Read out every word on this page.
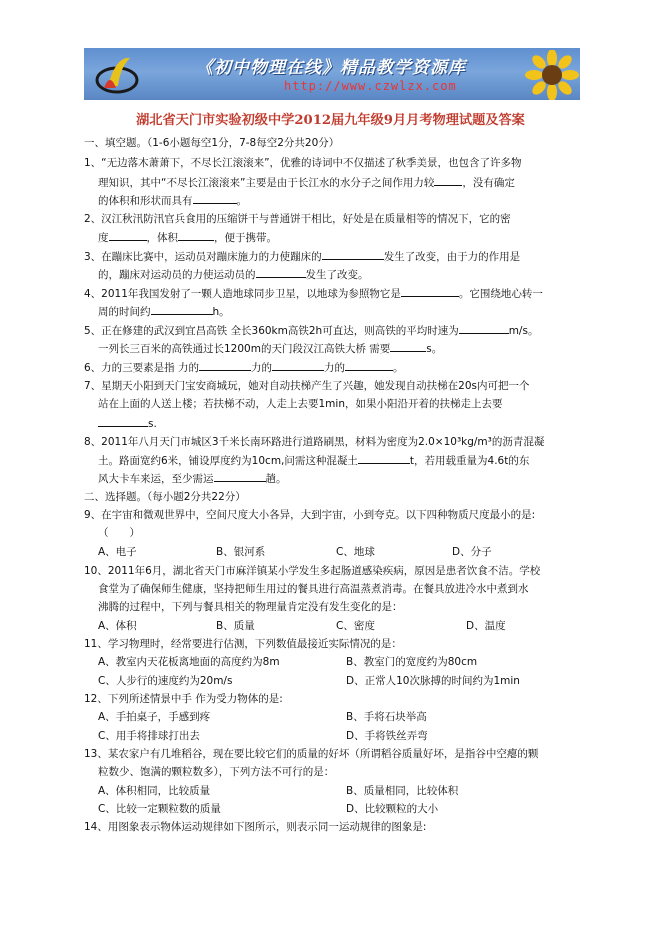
《初中物理在线》精品教学资源库
http://www.czwlzx.com
湖北省天门市实验初级中学2012届九年级9月月考物理试题及答案
一、填空题。（1-6小题每空1分，7-8每空2分共20分）
1、“无边落木萧萧下，不尽长江滚滚来”，优雅的诗词中不仅描述了秋季美景，也包含了许多物
理知识，其中“不尽长江滚滚来”主要是由于长江水的水分子之间作用力较	，没有确定
的体积和形状而具有	。
2、汉江秋汛防汛官兵食用的压缩饼干与普通饼干相比，好处是在质量相等的情况下，它的密
度	，体积	，便于携带。
3、在蹦床比赛中，运动员对蹦床施力的力使蹦床的	发生了改变，由于力的作用是
的，蹦床对运动员的力使运动员的	发生了改变。
4、2011年我国发射了一颗人造地球同步卫星，以地球为参照物它是	。它围绕地心转一
周的时间约	h。
5、正在修建的武汉到宜昌高铁 全长360km高铁2h可直达，则高铁的平均时速为	m/s。
一列长三百米的高铁通过长1200m的天门段汉江高铁大桥 需要	s。
6、力的三要素是指 力的	力的	力的	。
7、星期天小阳到天门宝安商城玩，她对自动扶梯产生了兴趣，她发现自动扶梯在20s内可把一个
站在上面的人送上楼；若扶梯不动，人走上去要1min，如果小阳沿开着的扶梯走上去要
s.
8、2011年八月天门市城区3千米长南环路进行道路刷黑，材料为密度为2.0×10³kg/m³的沥青混凝
土。路面宽约6米，铺设厚度约为10cm,问需这种混凝土	t，若用载重量为4.6t的东
风大卡车来运，至少需运	趟。
二、选择题。（每小题2分共22分）
9、在宇宙和微观世界中，空间尺度大小各异，大到宇宙，小到夸克。以下四种物质尺度最小的是:
（　　）
A、电子	B、银河系	C、地球	D、分子
10、2011年6月，湖北省天门市麻洋镇某小学发生多起肠道感染疾病，原因是患者饮食不洁。学校
食堂为了确保师生健康，坚持把师生用过的餐具进行高温蒸煮消毒。在餐具放进冷水中煮到水
沸腾的过程中，下列与餐具相关的物理量肯定没有发生变化的是：
A、体积	B、质量	C、密度	D、温度
11、学习物理时，经常要进行估测，下列数值最接近实际情况的是：
A、教室内天花板离地面的高度约为8m	B、教室门的宽度约为80cm
C、人步行的速度约为20m/s	D、正常人10次脉搏的时间约为1min
12、下列所述情景中手 作为受力物体的是:
A、手拍桌子，手感到疼	B、手将石块举高
C、用手将排球打出去	D、手将铁丝弄弯
13、某农家户有几堆稻谷，现在要比较它们的质量的好坏（所谓稻谷质量好坏，是指谷中空瘪的颗
粒数少、饱满的颗粒数多），下列方法不可行的是：
A、体积相同，比较质量	B、质量相同，比较体积
C、比较一定颗粒数的质量	D、比较颗粒的大小
14、用图象表示物体运动规律如下图所示，则表示同一运动规律的图象是:
